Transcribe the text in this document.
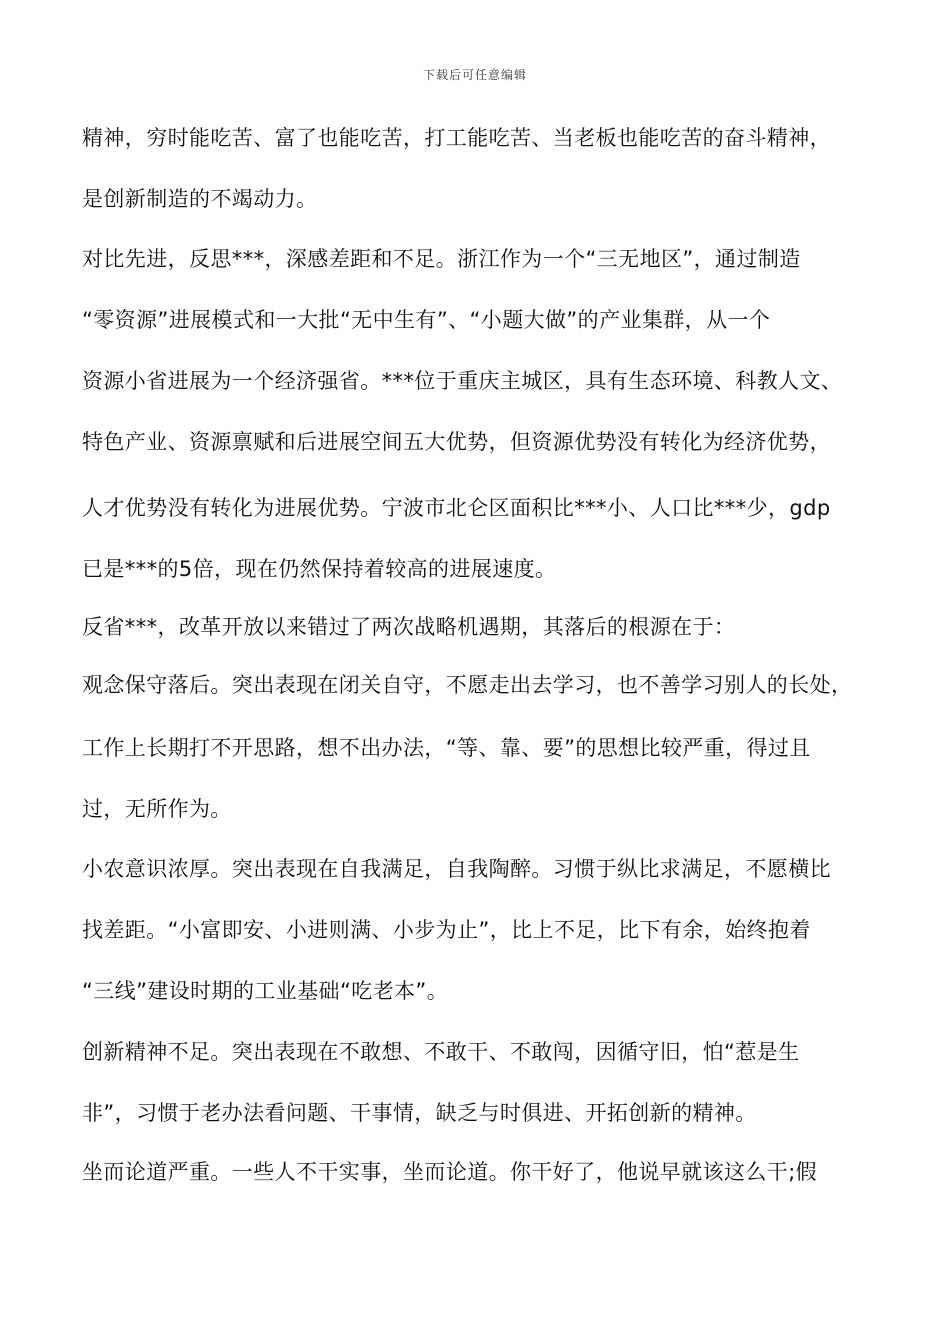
下载后可任意编辑
精神，穷时能吃苦、富了也能吃苦，打工能吃苦、当老板也能吃苦的奋斗精神，
是创新制造的不竭动力。
对比先进，反思***，深感差距和不足。浙江作为一个“三无地区”，通过制造
“零资源”进展模式和一大批“无中生有”、“小题大做”的产业集群，从一个
资源小省进展为一个经济强省。***位于重庆主城区，具有生态环境、科教人文、
特色产业、资源禀赋和后进展空间五大优势，但资源优势没有转化为经济优势，
人才优势没有转化为进展优势。宁波市北仑区面积比***小、人口比***少，gdp
已是***的5倍，现在仍然保持着较高的进展速度。
反省***，改革开放以来错过了两次战略机遇期，其落后的根源在于：
观念保守落后。突出表现在闭关自守，不愿走出去学习，也不善学习别人的长处，
工作上长期打不开思路，想不出办法，“等、靠、要”的思想比较严重，得过且
过，无所作为。
小农意识浓厚。突出表现在自我满足，自我陶醉。习惯于纵比求满足，不愿横比
找差距。“小富即安、小进则满、小步为止”，比上不足，比下有余，始终抱着
“三线”建设时期的工业基础“吃老本”。
创新精神不足。突出表现在不敢想、不敢干、不敢闯，因循守旧，怕“惹是生
非”，习惯于老办法看问题、干事情，缺乏与时俱进、开拓创新的精神。
坐而论道严重。一些人不干实事，坐而论道。你干好了，他说早就该这么干;假
